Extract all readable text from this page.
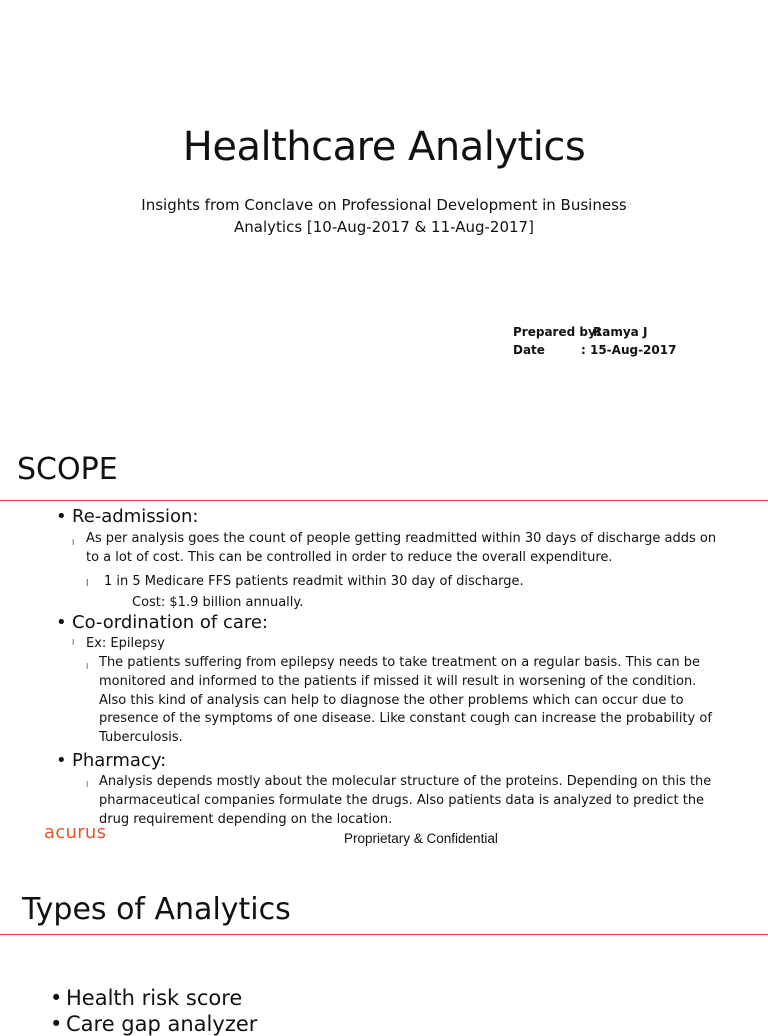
Healthcare Analytics
Insights from Conclave on Professional Development in Business
Analytics [10-Aug-2017 & 11-Aug-2017]
Prepared by:
Ramya J
Date	: 15-Aug-2017
SCOPE
• Re-admission:
l As per analysis goes the count of people getting readmitted within 30 days of discharge adds on
to a lot of cost. This can be controlled in order to reduce the overall expenditure.
l 1 in 5 Medicare FFS patients readmit within 30 day of discharge.
Cost: $1.9 billion annually.
• Co-ordination of care:
l Ex: Epilepsy
l The patients suffering from epilepsy needs to take treatment on a regular basis. This can be
monitored and informed to the patients if missed it will result in worsening of the condition.
Also this kind of analysis can help to diagnose the other problems which can occur due to
presence of the symptoms of one disease. Like constant cough can increase the probability of
Tuberculosis.
• Pharmacy:
l Analysis depends mostly about the molecular structure of the proteins. Depending on this the
pharmaceutical companies formulate the drugs. Also patients data is analyzed to predict the
drug requirement depending on the location.
acurus	Proprietary & Confidential
Types of Analytics
• Health risk score
• Care gap analyzer
